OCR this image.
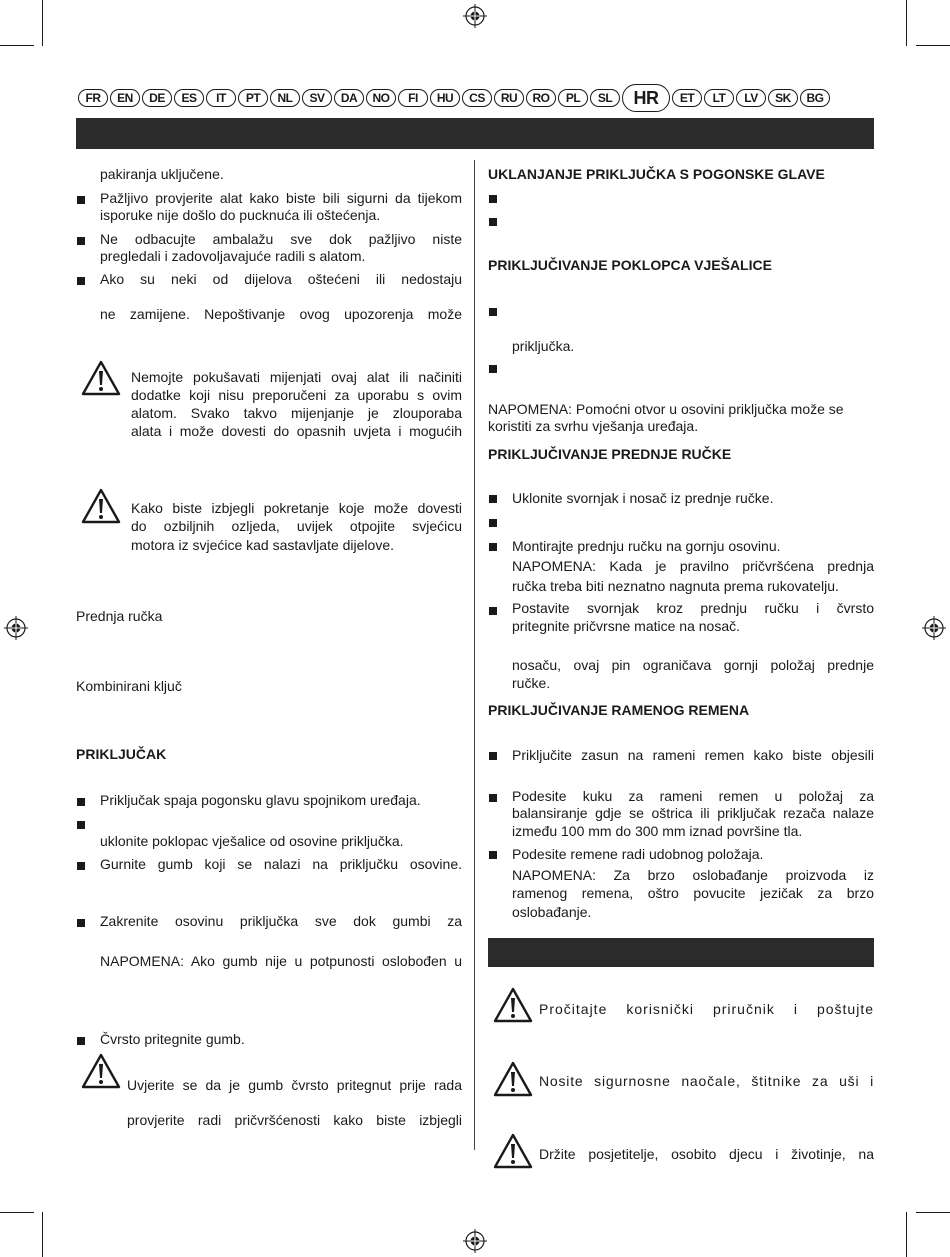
FR	EN	DE	ES	IT	PT	NL	SV	DA	NO	FI	HU	CS	RU	RO	PL	SL	HR	ET	LT	LV	SK	BG
pakiranja uključene.
Pažljivo provjerite alat kako biste bili sigurni da tijekom
isporuke nije došlo do pucknuća ili oštećenja.
Ne odbacujte ambalažu sve dok pažljivo niste
pregledali i zadovoljavajuće radili s alatom.
Ako su neki od dijelova oštećeni ili nedostaju
ne zamijene. Nepoštivanje ovog upozorenja može
Nemojte pokušavati mijenjati ovaj alat ili načiniti
dodatke koji nisu preporučeni za uporabu s ovim
alatom. Svako takvo mijenjanje je zlouporaba
alata i može dovesti do opasnih uvjeta i mogućih
Kako biste izbjegli pokretanje koje može dovesti
do ozbiljnih ozljeda, uvijek otpojite svjećicu
motora iz svjećice kad sastavljate dijelove.
Prednja ručka
Kombinirani ključ
PRIKLJUČAK
Priključak spaja pogonsku glavu spojnikom uređaja.
uklonite poklopac vješalice od osovine priključka.
Gurnite gumb koji se nalazi na priključku osovine.
Zakrenite osovinu priključka sve dok gumbi za
NAPOMENA: Ako gumb nije u potpunosti oslobođen u
Čvrsto pritegnite gumb.
Uvjerite se da je gumb čvrsto pritegnut prije rada
provjerite radi pričvršćenosti kako biste izbjegli
UKLANJANJE PRIKLJUČKA S POGONSKE GLAVE
PRIKLJUČIVANJE POKLOPCA VJEŠALICE
priključka.
NAPOMENA: Pomoćni otvor u osovini priključka može se
koristiti za svrhu vješanja uređaja.
PRIKLJUČIVANJE PREDNJE RUČKE
Uklonite svornjak i nosač iz prednje ručke.
Montirajte prednju ručku na gornju osovinu.
NAPOMENA: Kada je pravilno pričvršćena prednja
ručka treba biti neznatno nagnuta prema rukovatelju.
Postavite svornjak kroz prednju ručku i čvrsto
pritegnite pričvrsne matice na nosač.
nosaču, ovaj pin ograničava gornji položaj prednje
ručke.
PRIKLJUČIVANJE RAMENOG REMENA
Priključite zasun na rameni remen kako biste objesili
Podesite kuku za rameni remen u položaj za
balansiranje gdje se oštrica ili priključak rezača nalaze
između 100 mm do 300 mm iznad površine tla.
Podesite remene radi udobnog položaja.
NAPOMENA: Za brzo oslobađanje proizvoda iz
ramenog remena, oštro povucite jezičak za brzo
oslobađanje.
Pročitajte korisnički priručnik i poštujte
Nosite sigurnosne naočale, štitnike za uši i
Držite posjetitelje, osobito djecu i životinje, na
